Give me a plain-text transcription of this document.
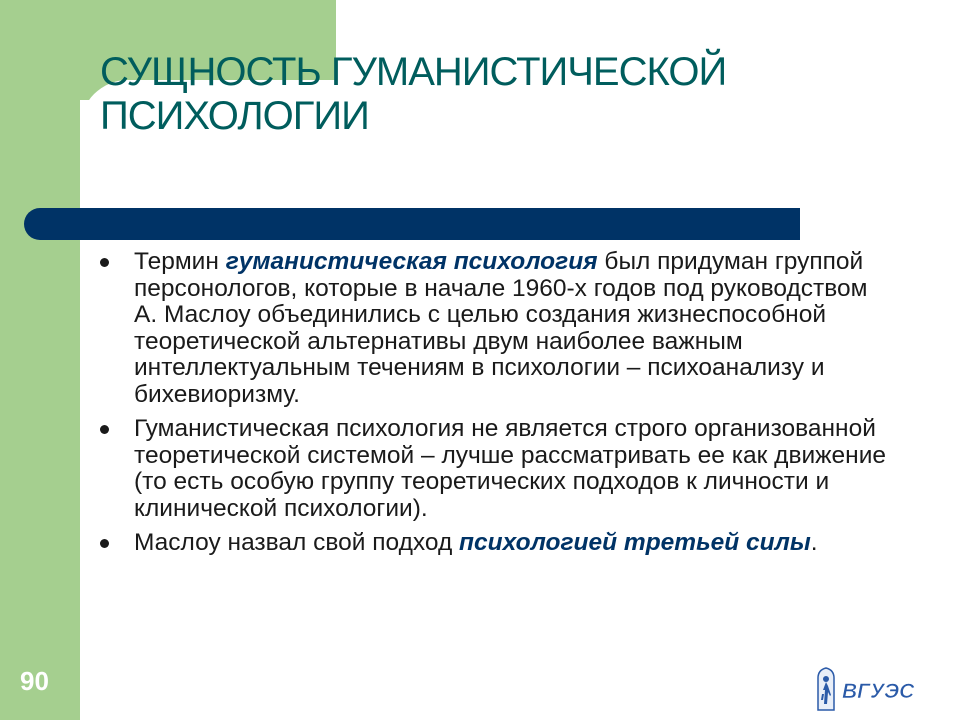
СУЩНОСТЬ ГУМАНИСТИЧЕСКОЙ
ПСИХОЛОГИИ
Термин гуманистическая психология был придуман группой персонологов, которые в начале 1960-х годов под руководством А. Маслоу объединились с целью создания жизнеспособной теоретической альтернативы двум наиболее важным интеллектуальным течениям в психологии – психоанализу и бихевиоризму.
Гуманистическая психология не является строго организованной теоретической системой – лучше рассматривать ее как движение (то есть особую группу теоретических подходов к личности и клинической психологии).
Маслоу назвал свой подход психологией третьей силы.
90	ВГУЭС
